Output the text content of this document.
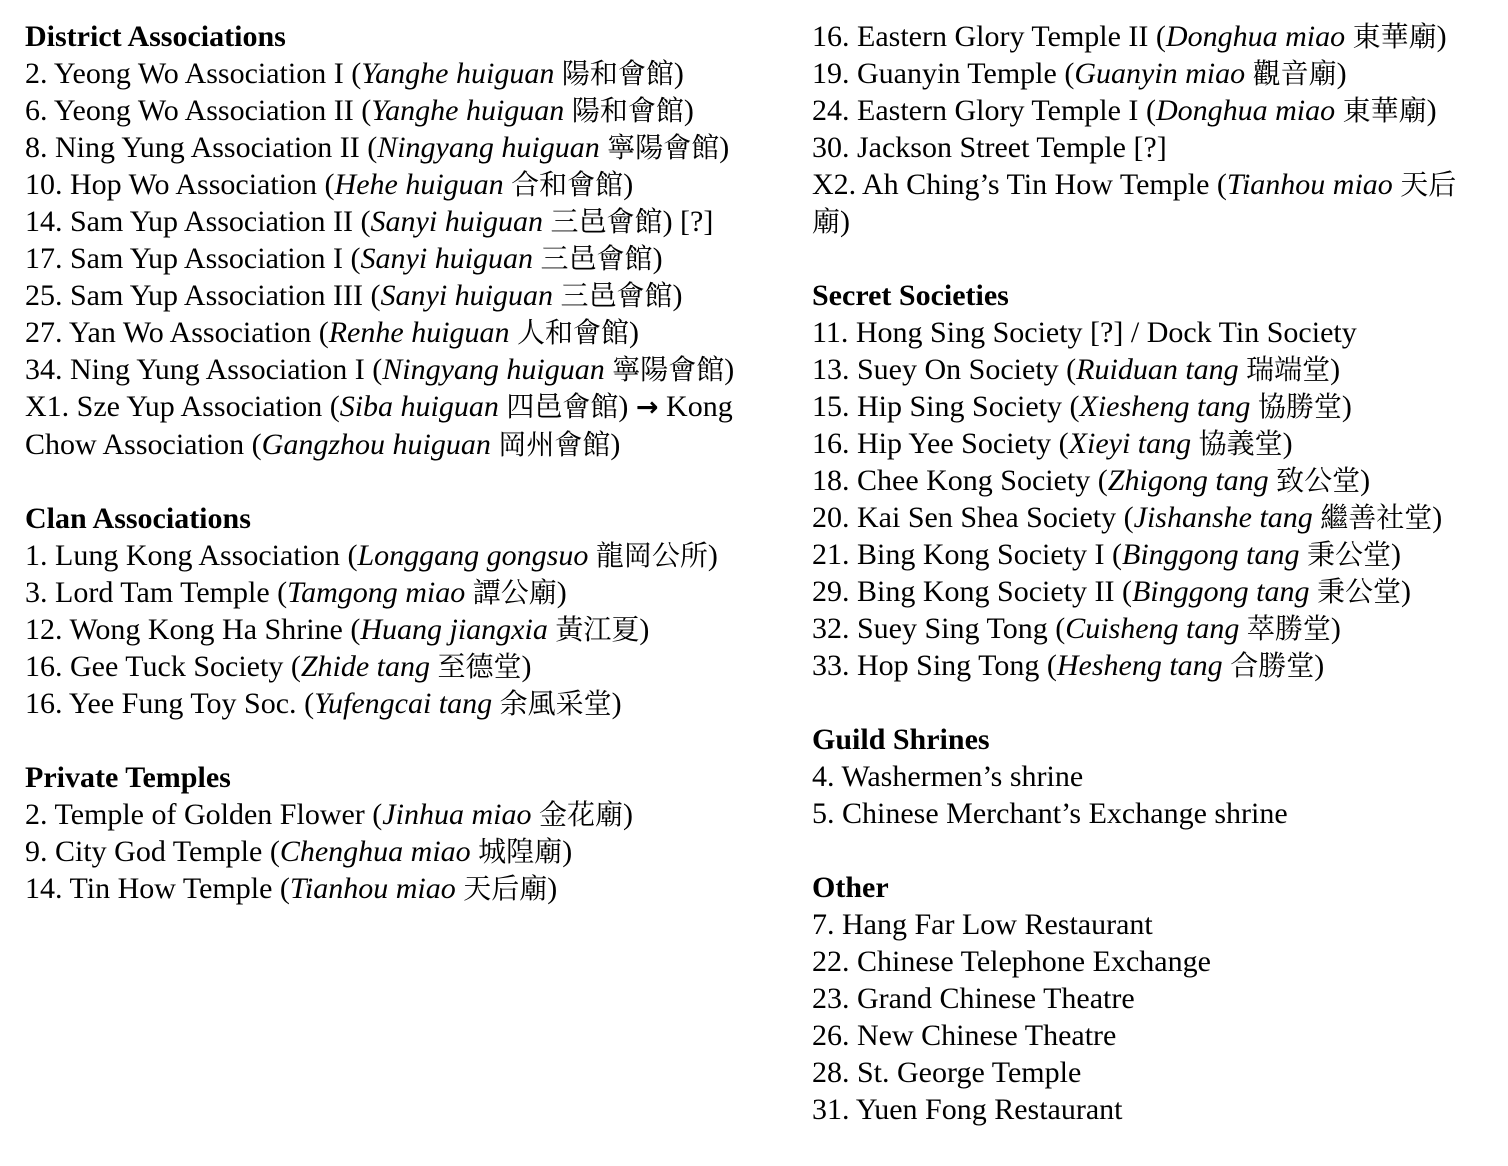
District Associations
2. Yeong Wo Association I (Yanghe huiguan 陽和會館)
6. Yeong Wo Association II (Yanghe huiguan 陽和會館)
8. Ning Yung Association II (Ningyang huiguan 寧陽會館)
10. Hop Wo Association (Hehe huiguan 合和會館)
14. Sam Yup Association II (Sanyi huiguan 三邑會館) [?]
17. Sam Yup Association I (Sanyi huiguan 三邑會館)
25. Sam Yup Association III (Sanyi huiguan 三邑會館)
27. Yan Wo Association (Renhe huiguan 人和會館)
34. Ning Yung Association I (Ningyang huiguan 寧陽會館)
X1. Sze Yup Association (Siba huiguan 四邑會館) → Kong Chow Association (Gangzhou huiguan 岡州會館)
Clan Associations
1. Lung Kong Association (Longgang gongsuo 龍岡公所)
3. Lord Tam Temple (Tamgong miao 譚公廟)
12. Wong Kong Ha Shrine (Huang jiangxia 黃江夏)
16. Gee Tuck Society (Zhide tang 至德堂)
16. Yee Fung Toy Soc. (Yufengcai tang 余風采堂)
Private Temples
2. Temple of Golden Flower (Jinhua miao 金花廟)
9. City God Temple (Chenghua miao 城隍廟)
14. Tin How Temple (Tianhou miao 天后廟)
16. Eastern Glory Temple II (Donghua miao 東華廟)
19. Guanyin Temple (Guanyin miao 觀音廟)
24. Eastern Glory Temple I (Donghua miao 東華廟)
30. Jackson Street Temple [?]
X2. Ah Ching’s Tin How Temple (Tianhou miao 天后廟)
Secret Societies
11. Hong Sing Society [?] / Dock Tin Society
13. Suey On Society (Ruiduan tang 瑞端堂)
15. Hip Sing Society (Xiesheng tang 協勝堂)
16. Hip Yee Society (Xieyi tang 協義堂)
18. Chee Kong Society (Zhigong tang 致公堂)
20. Kai Sen Shea Society (Jishanshe tang 繼善社堂)
21. Bing Kong Society I (Binggong tang 秉公堂)
29. Bing Kong Society II (Binggong tang 秉公堂)
32. Suey Sing Tong (Cuisheng tang 萃勝堂)
33. Hop Sing Tong (Hesheng tang 合勝堂)
Guild Shrines
4. Washermen’s shrine
5. Chinese Merchant’s Exchange shrine
Other
7. Hang Far Low Restaurant
22. Chinese Telephone Exchange
23. Grand Chinese Theatre
26. New Chinese Theatre
28. St. George Temple
31. Yuen Fong Restaurant
